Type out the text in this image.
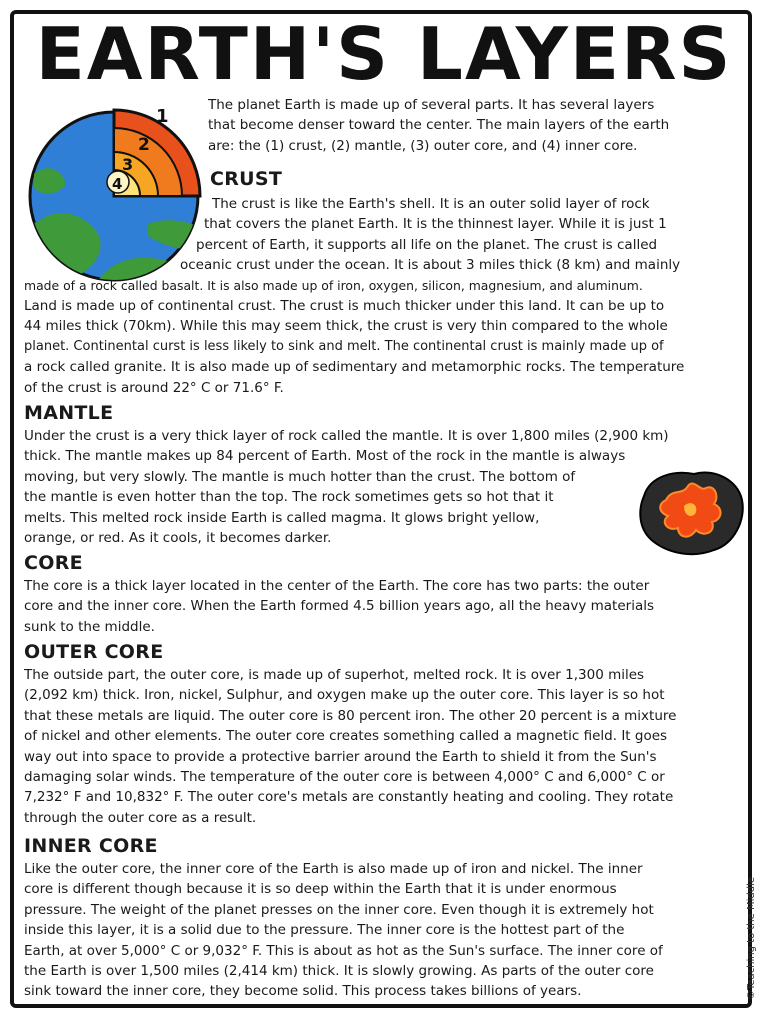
EARTH'S LAYERS
1
2
3
4

The planet Earth is made up of several parts. It has several layers

that become denser toward the center. The main layers of the earth

are: the (1) crust, (2) mantle, (3) outer core, and (4) inner core.

CRUST

The crust is like the Earth's shell. It is an outer solid layer of rock

that covers the planet Earth. It is the thinnest layer. While it is just 1

percent of Earth, it supports all life on the planet. The crust is called

oceanic crust under the ocean. It is about 3 miles thick (8 km) and mainly

made of a rock called basalt. It is also made up of iron, oxygen, silicon, magnesium, and aluminum.

Land is made up of continental crust. The crust is much thicker under this land. It can be up to

44 miles thick (70km). While this may seem thick, the crust is very thin compared to the whole

planet. Continental curst is less likely to sink and melt. The continental crust is mainly made up of

a rock called granite. It is also made up of sedimentary and metamorphic rocks. The temperature

of the crust is around 22° C or 71.6° F.

MANTLE

Under the crust is a very thick layer of rock called the mantle. It is over 1,800 miles (2,900 km)

thick. The mantle makes up 84 percent of Earth. Most of the rock in the mantle is always

moving, but very slowly. The mantle is much hotter than the crust. The bottom of

the mantle is even hotter than the top. The rock sometimes gets so hot that it

melts. This melted rock inside Earth is called magma. It glows bright yellow,

orange, or red. As it cools, it becomes darker.

CORE

The core is a thick layer located in the center of the Earth. The core has two parts: the outer

core and the inner core. When the Earth formed 4.5 billion years ago, all the heavy materials

sunk to the middle.

OUTER CORE

The outside part, the outer core, is made up of superhot, melted rock. It is over 1,300 miles

(2,092 km) thick. Iron, nickel, Sulphur, and oxygen make up the outer core. This layer is so hot

that these metals are liquid. The outer core is 80 percent iron. The other 20 percent is a mixture

of nickel and other elements. The outer core creates something called a magnetic field. It goes

way out into space to provide a protective barrier around the Earth to shield it from the Sun's

damaging solar winds. The temperature of the outer core is between 4,000° C and 6,000° C or

7,232° F and 10,832° F. The outer core's metals are constantly heating and cooling. They rotate

through the outer core as a result.

INNER CORE

Like the outer core, the inner core of the Earth is also made up of iron and nickel. The inner

core is different though because it is so deep within the Earth that it is under enormous

pressure. The weight of the planet presses on the inner core. Even though it is extremely hot

inside this layer, it is a solid due to the pressure. The inner core is the hottest part of the

Earth, at over 5,000° C or 9,032° F. This is about as hot as the Sun's surface. The inner core of

the Earth is over 1,500 miles (2,414 km) thick. It is slowly growing. As parts of the outer core

sink toward the inner core, they become solid. This process takes billions of years.	©Teaching to the Middle
